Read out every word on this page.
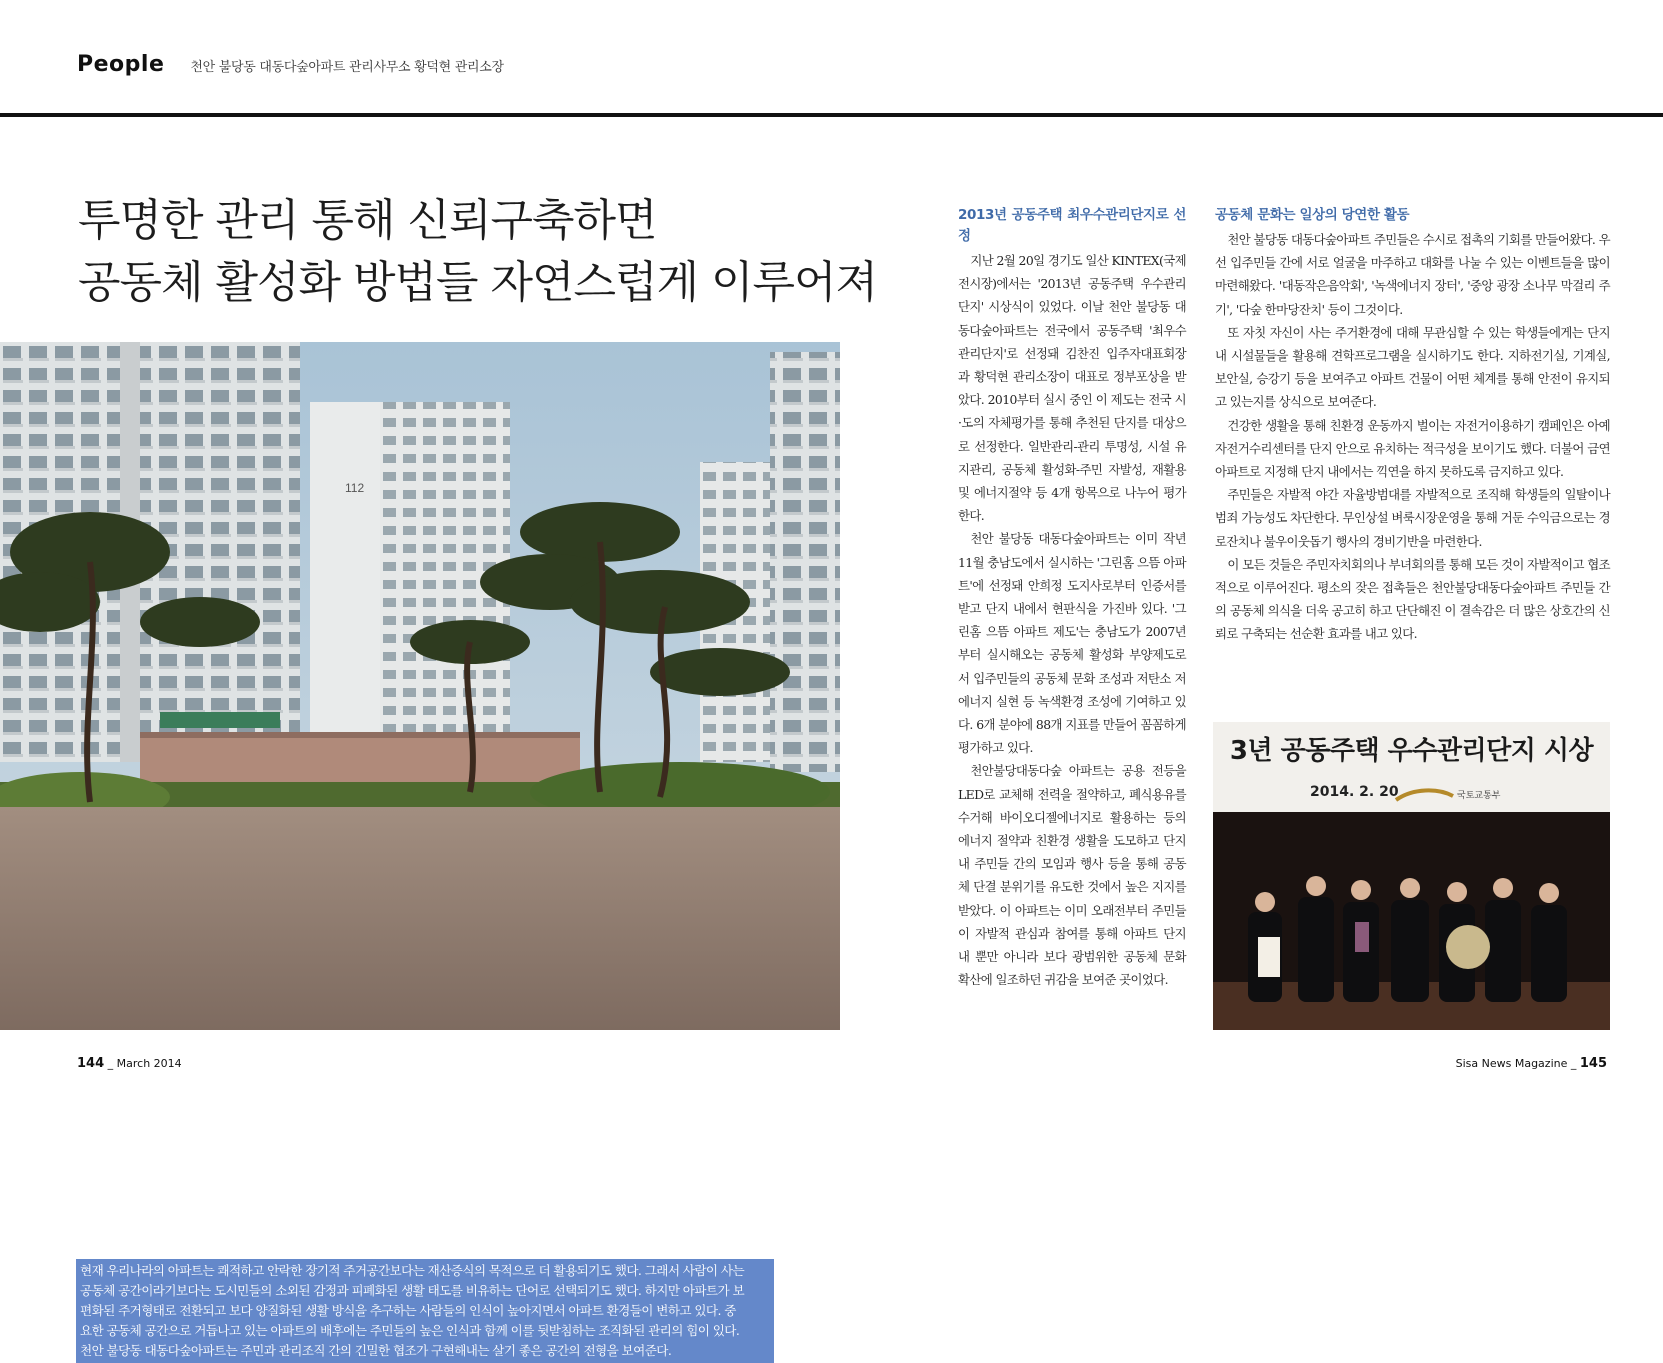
People 천안 불당동 대동다숲아파트 관리사무소 황덕현 관리소장
투명한 관리 통해 신뢰구축하면
공동체 활성화 방법들 자연스럽게 이루어져
112

현재 우리나라의 아파트는 쾌적하고 안락한 장기적 주거공간보다는 재산증식의 목적으로 더 활용되기도 했다. 그래서 사람이 사는

공동체 공간이라기보다는 도시민들의 소외된 감정과 피폐화된 생활 태도를 비유하는 단어로 선택되기도 했다. 하지만 아파트가 보

편화된 주거형태로 전환되고 보다 양질화된 생활 방식을 추구하는 사람들의 인식이 높아지면서 아파트 환경들이 변하고 있다. 중

요한 공동체 공간으로 거듭나고 있는 아파트의 배후에는 주민들의 높은 인식과 함께 이를 뒷받침하는 조직화된 관리의 힘이 있다.

천안 불당동 대동다숲아파트는 주민과 관리조직 간의 긴밀한 협조가 구현해내는 살기 좋은 공간의 전형을 보여준다.

2013년 공동주택 최우수관리단지로 선정

지난 2월 20일 경기도 일산 KINTEX(국제전시장)에서는 '2013년 공동주택 우수관리단지' 시상식이 있었다. 이날 천안 불당동 대동다숲아파트는 전국에서 공동주택 '최우수관리단지'로 선정돼 김찬진 입주자대표회장과 황덕현 관리소장이 대표로 정부포상을 받았다. 2010부터 실시 중인 이 제도는 전국 시·도의 자체평가를 통해 추천된 단지를 대상으로 선정한다. 일반관리-관리 투명성, 시설 유지관리, 공동체 활성화-주민 자발성, 재활용 및 에너지절약 등 4개 항목으로 나누어 평가한다.

천안 불당동 대동다숲아파트는 이미 작년 11월 충남도에서 실시하는 '그린홈 으뜸 아파트'에 선정돼 안희정 도지사로부터 인증서를 받고 단지 내에서 현판식을 가진바 있다. '그린홈 으뜸 아파트 제도'는 충남도가 2007년부터 실시해오는 공동체 활성화 부양제도로서 입주민들의 공동체 문화 조성과 저탄소 저에너지 실현 등 녹색환경 조성에 기여하고 있다. 6개 분야에 88개 지표를 만들어 꼼꼼하게 평가하고 있다.

천안불당대동다숲 아파트는 공용 전등을 LED로 교체해 전력을 절약하고, 폐식용유를 수거해 바이오디젤에너지로 활용하는 등의 에너지 절약과 친환경 생활을 도모하고 단지 내 주민들 간의 모임과 행사 등을 통해 공동체 단결 분위기를 유도한 것에서 높은 지지를 받았다. 이 아파트는 이미 오래전부터 주민들이 자발적 관심과 참여를 통해 아파트 단지 내 뿐만 아니라 보다 광범위한 공동체 문화 확산에 일조하던 귀감을 보여준 곳이었다.

공동체 문화는 일상의 당연한 활동

천안 불당동 대동다숲아파트 주민들은 수시로 접촉의 기회를 만들어왔다. 우선 입주민들 간에 서로 얼굴을 마주하고 대화를 나눌 수 있는 이벤트들을 많이 마련해왔다. '대동작은음악회', '녹색에너지 장터', '중앙 광장 소나무 막걸리 주기', '다숲 한마당잔치' 등이 그것이다.

또 자칫 자신이 사는 주거환경에 대해 무관심할 수 있는 학생들에게는 단지 내 시설물들을 활용해 견학프로그램을 실시하기도 한다. 지하전기실, 기계실, 보안실, 승강기 등을 보여주고 아파트 건물이 어떤 체계를 통해 안전이 유지되고 있는지를 상식으로 보여준다.

건강한 생활을 통해 친환경 운동까지 벌이는 자전거이용하기 캠페인은 아예 자전거수리센터를 단지 안으로 유치하는 적극성을 보이기도 했다. 더불어 금연아파트로 지정해 단지 내에서는 끽연을 하지 못하도록 금지하고 있다.

주민들은 자발적 야간 자율방범대를 자발적으로 조직해 학생들의 일탈이나 범죄 가능성도 차단한다. 무인상설 벼룩시장운영을 통해 거둔 수익금으로는 경로잔치나 불우이웃돕기 행사의 경비기반을 마련한다.

이 모든 것들은 주민자치회의나 부녀회의를 통해 모든 것이 자발적이고 협조적으로 이루어진다. 평소의 잦은 접촉들은 천안불당대동다숲아파트 주민들 간의 공동체 의식을 더욱 공고히 하고 단단해진 이 결속감은 더 많은 상호간의 신뢰로 구축되는 선순환 효과를 내고 있다.

3년 공동주택 우수관리단지 시상
2014. 2. 20	국토교통부
144 _ March 2014	Sisa News Magazine _ 145
